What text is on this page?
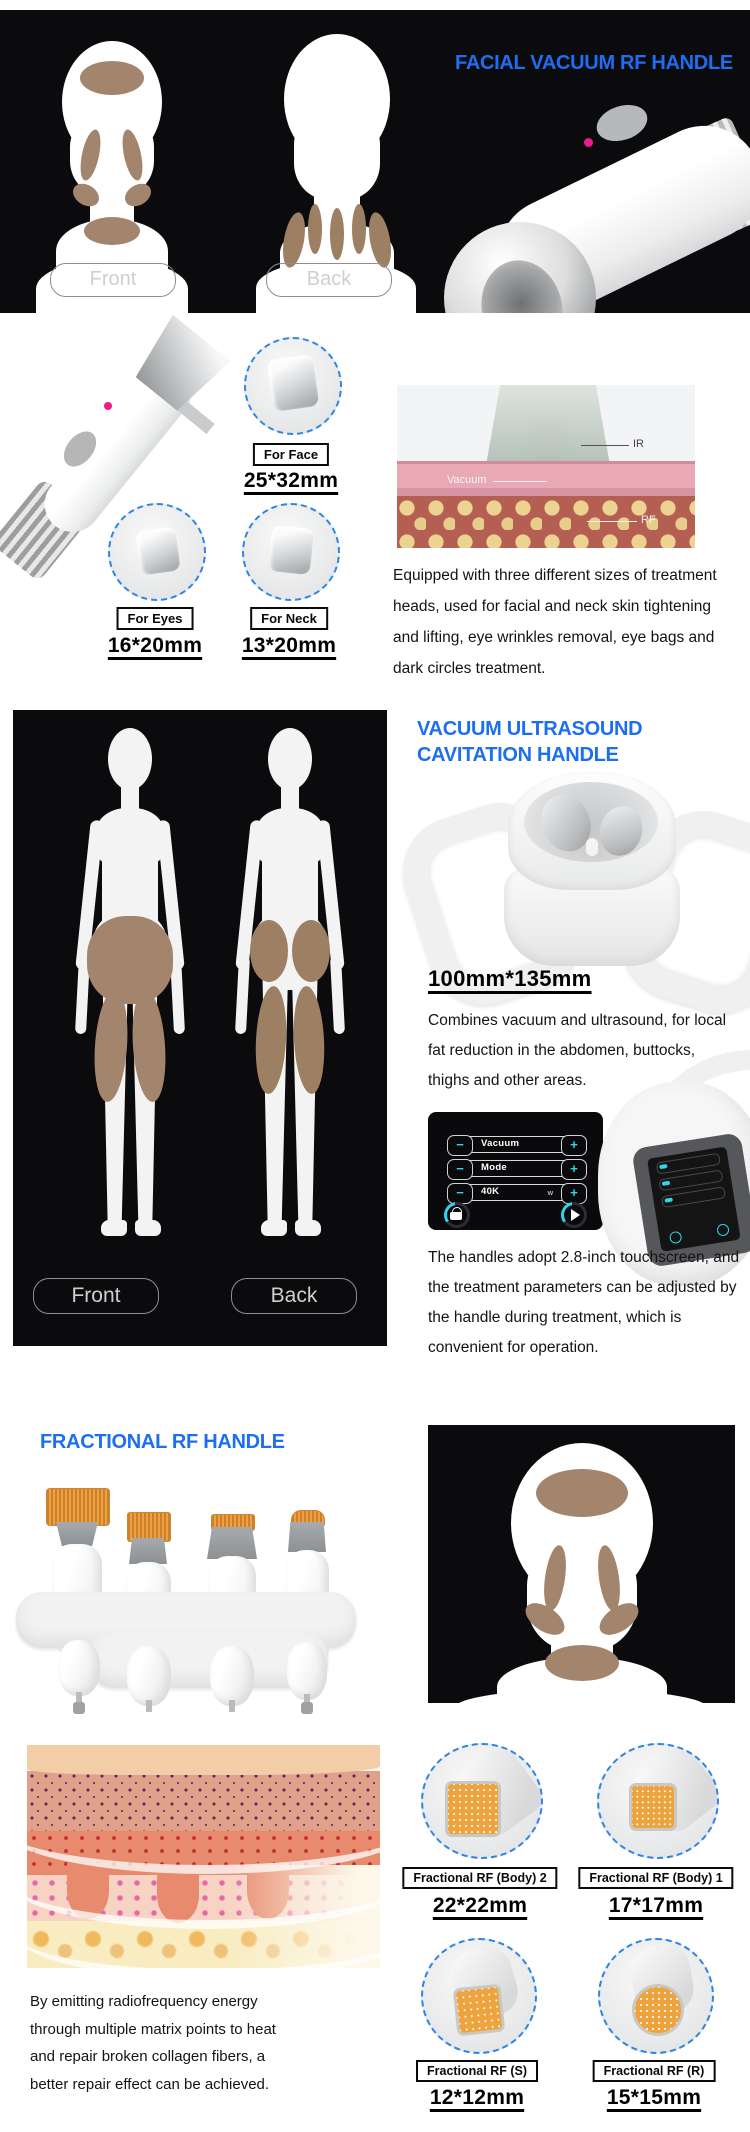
FACIAL VACUUM RF HANDLE
Front	Back
For Face
25*32mm
For Eyes
16*20mm
For Neck
13*20mm
Vacuum
IR
RF
Equipped with three different sizes of treatment heads, used for facial and neck skin tightening and lifting, eye wrinkles removal, eye bags and dark circles treatment.
Front	Back
VACUUM ULTRASOUND
CAVITATION HANDLE
100mm*135mm
Combines vacuum and ultrasound, for local fat reduction in the abdomen, buttocks, thighs and other areas.
−	Vacuum	+
−	Mode	+
−	40K	w	+
The handles adopt 2.8-inch touchscreen, and the treatment parameters can be adjusted by the handle during treatment, which is convenient for operation.
FRACTIONAL RF HANDLE
Fractional RF (Body) 2
22*22mm
Fractional RF (Body) 1
17*17mm
Fractional RF (S)
12*12mm
Fractional RF (R)
15*15mm
By emitting radiofrequency energy through multiple matrix points to heat and repair broken collagen fibers, a better repair effect can be achieved.
